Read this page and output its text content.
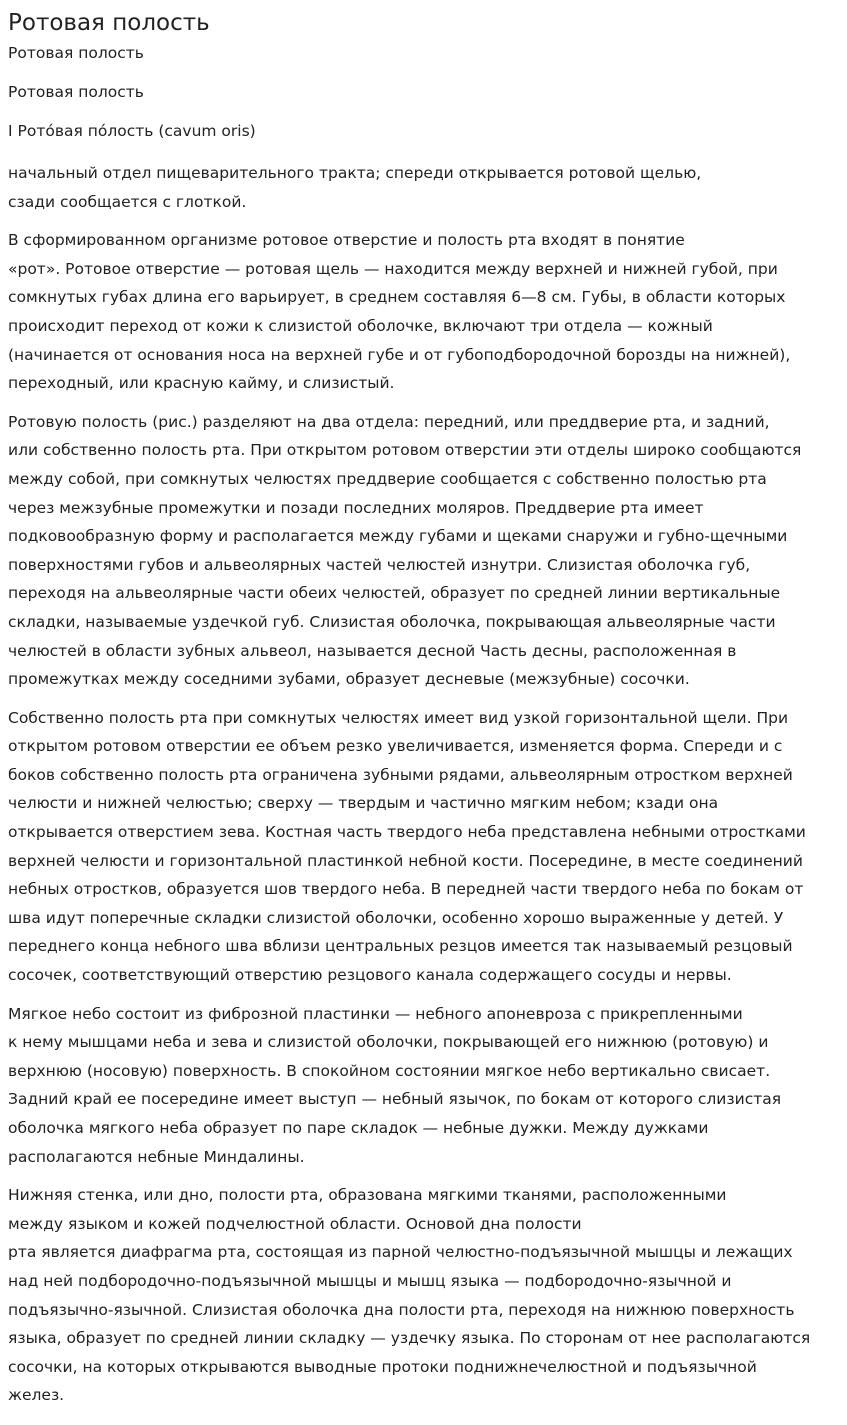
Ротовая полость
Ротовая полость
Ротовая полость
I Рото́вая по́лость (cavum oris)
начальный отдел пищеварительного тракта; спереди открывается ротовой щелью,
сзади сообщается с глоткой.
В сформированном организме ротовое отверстие и полость рта входят в понятие
«рот». Ротовое отверстие — ротовая щель — находится между верхней и нижней губой, при
сомкнутых губах длина его варьирует, в среднем составляя 6—8 см. Губы, в области которых
происходит переход от кожи к слизистой оболочке, включают три отдела — кожный
(начинается от основания носа на верхней губе и от губоподбородочной борозды на нижней),
переходный, или красную кайму, и слизистый.
Ротовую полость (рис.) разделяют на два отдела: передний, или преддверие рта, и задний,
или собственно полость рта. При открытом ротовом отверстии эти отделы широко сообщаются
между собой, при сомкнутых челюстях преддверие сообщается с собственно полостью рта
через межзубные промежутки и позади последних моляров. Преддверие рта имеет
подковообразную форму и располагается между губами и щеками снаружи и губно-щечными
поверхностями губов и альвеолярных частей челюстей изнутри. Слизистая оболочка губ,
переходя на альвеолярные части обеих челюстей, образует по средней линии вертикальные
складки, называемые уздечкой губ. Слизистая оболочка, покрывающая альвеолярные части
челюстей в области зубных альвеол, называется десной Часть десны, расположенная в
промежутках между соседними зубами, образует десневые (межзубные) сосочки.
Собственно полость рта при сомкнутых челюстях имеет вид узкой горизонтальной щели. При
открытом ротовом отверстии ее объем резко увеличивается, изменяется форма. Спереди и с
боков собственно полость рта ограничена зубными рядами, альвеолярным отростком верхней
челюсти и нижней челюстью; сверху — твердым и частично мягким небом; кзади она
открывается отверстием зева. Костная часть твердого неба представлена небными отростками
верхней челюсти и горизонтальной пластинкой небной кости. Посередине, в месте соединений
небных отростков, образуется шов твердого неба. В передней части твердого неба по бокам от
шва идут поперечные складки слизистой оболочки, особенно хорошо выраженные у детей. У
переднего конца небного шва вблизи центральных резцов имеется так называемый резцовый
сосочек, соответствующий отверстию резцового канала содержащего сосуды и нервы.
Мягкое небо состоит из фиброзной пластинки — небного апоневроза с прикрепленными
к нему мышцами неба и зева и слизистой оболочки, покрывающей его нижнюю (ротовую) и
верхнюю (носовую) поверхность. В спокойном состоянии мягкое небо вертикально свисает.
Задний край ее посередине имеет выступ — небный язычок, по бокам от которого слизистая
оболочка мягкого неба образует по паре складок — небные дужки. Между дужками
располагаются небные Миндалины.
Нижняя стенка, или дно, полости рта, образована мягкими тканями, расположенными
между языком и кожей подчелюстной области. Основой дна полости
рта является диафрагма рта, состоящая из парной челюстно-подъязычной мышцы и лежащих
над ней подбородочно-подъязычной мышцы и мышц языка — подбородочно-язычной и
подъязычно-язычной. Слизистая оболочка дна полости рта, переходя на нижнюю поверхность
языка, образует по средней линии складку — уздечку языка. По сторонам от нее располагаются
сосочки, на которых открываются выводные протоки поднижнечелюстной и подъязычной
желез.
